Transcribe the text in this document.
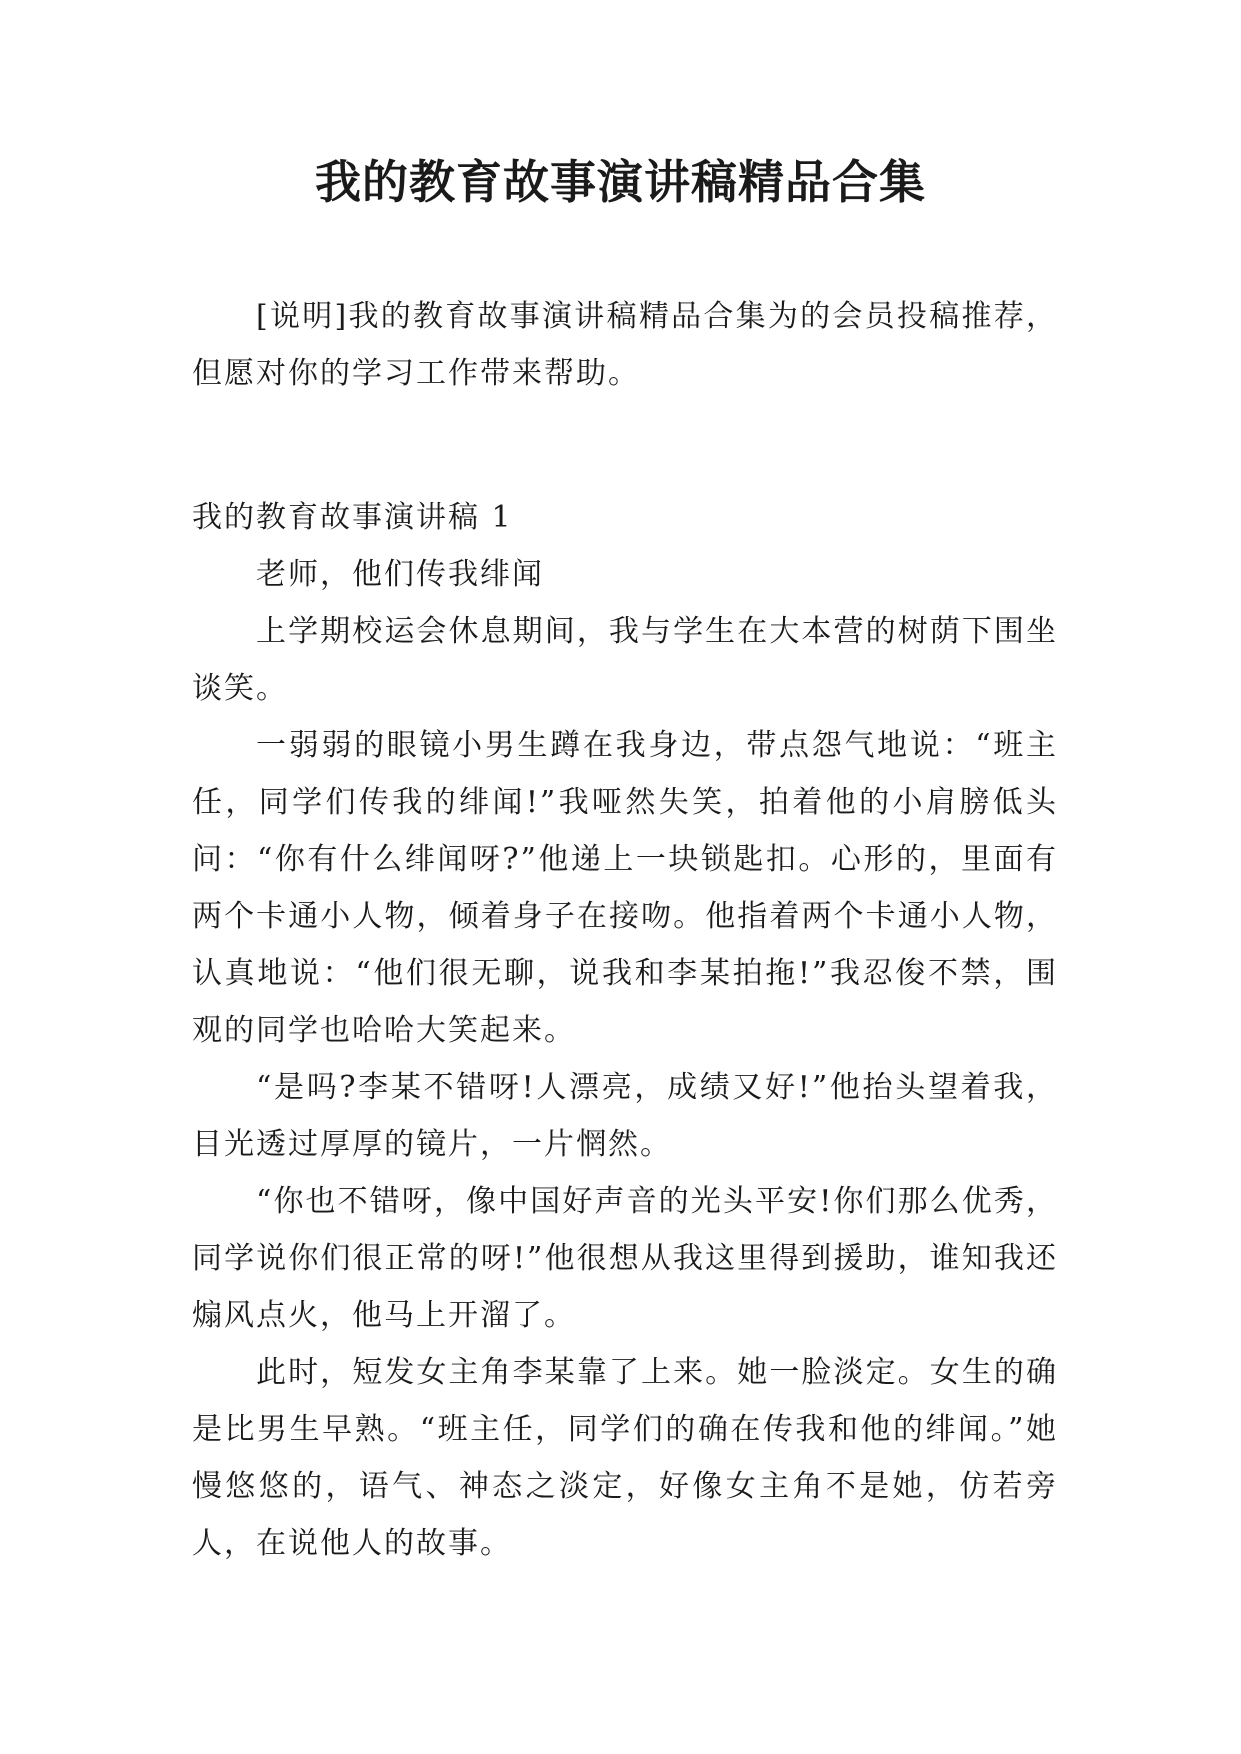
我的教育故事演讲稿精品合集

[说明]我的教育故事演讲稿精品合集为的会员投稿推荐，但愿对你的学习工作带来帮助。

我的教育故事演讲稿 1

老师，他们传我绯闻

上学期校运会休息期间，我与学生在大本营的树荫下围坐谈笑。

一弱弱的眼镜小男生蹲在我身边，带点怨气地说：“班主任，同学们传我的绯闻!”我哑然失笑，拍着他的小肩膀低头问：“你有什么绯闻呀?”他递上一块锁匙扣。心形的，里面有两个卡通小人物，倾着身子在接吻。他指着两个卡通小人物，认真地说：“他们很无聊，说我和李某拍拖!”我忍俊不禁，围观的同学也哈哈大笑起来。

“是吗?李某不错呀!人漂亮，成绩又好!”他抬头望着我，目光透过厚厚的镜片，一片惘然。

“你也不错呀，像中国好声音的光头平安!你们那么优秀，同学说你们很正常的呀!”他很想从我这里得到援助，谁知我还煽风点火，他马上开溜了。

此时，短发女主角李某靠了上来。她一脸淡定。女生的确是比男生早熟。“班主任，同学们的确在传我和他的绯闻。”她慢悠悠的，语气、神态之淡定，好像女主角不是她，仿若旁人，在说他人的故事。
